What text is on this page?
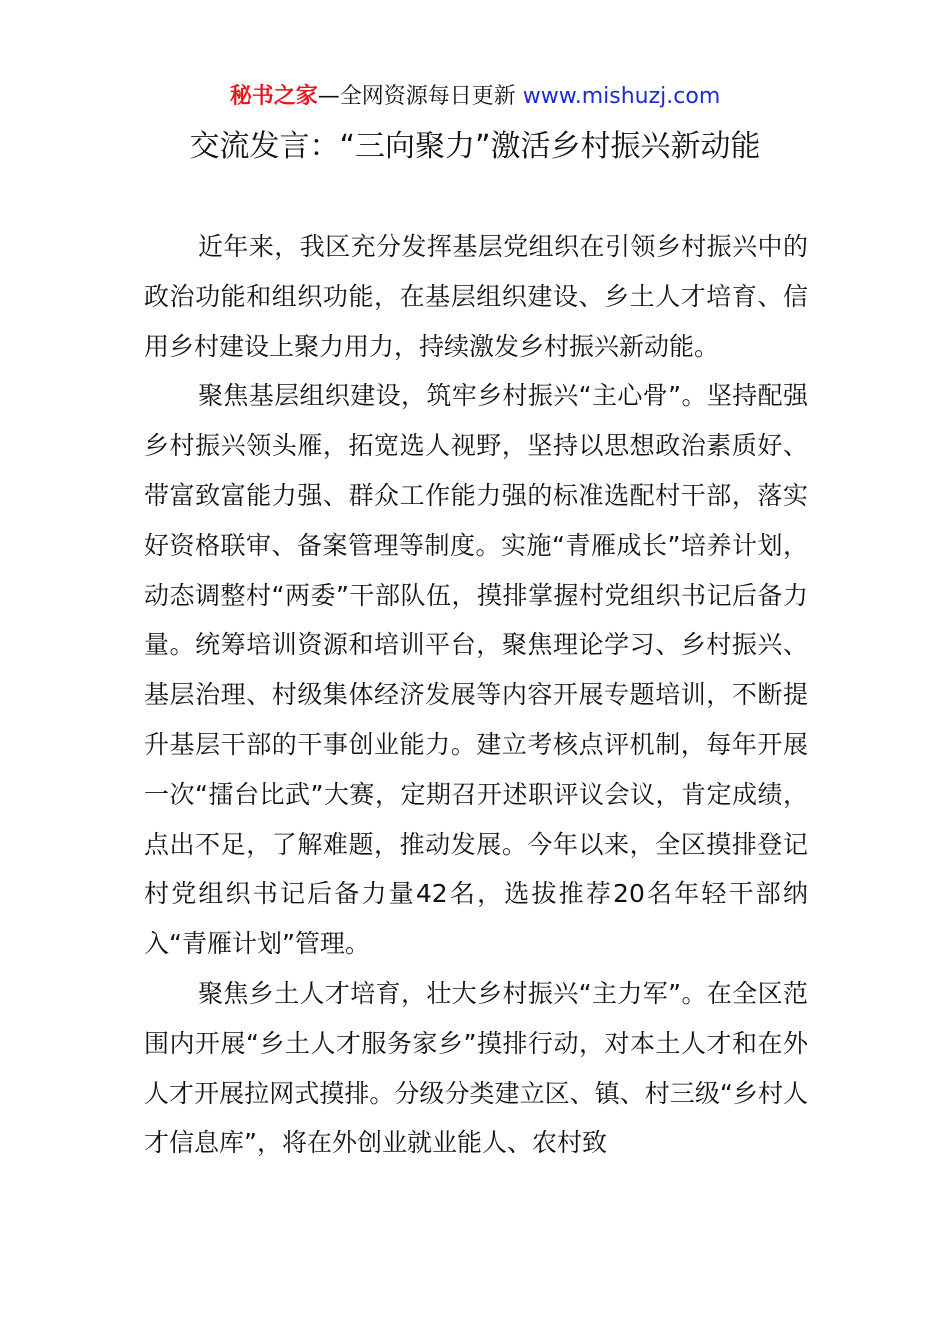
秘书之家—全网资源每日更新 www.mishuzj.com
交流发言：“三向聚力”激活乡村振兴新动能

近年来，我区充分发挥基层党组织在引领乡村振兴中的政治功能和组织功能，在基层组织建设、乡土人才培育、信用乡村建设上聚力用力，持续激发乡村振兴新动能。

聚焦基层组织建设，筑牢乡村振兴“主心骨”。坚持配强乡村振兴领头雁，拓宽选人视野，坚持以思想政治素质好、带富致富能力强、群众工作能力强的标准选配村干部，落实好资格联审、备案管理等制度。实施“青雁成长”培养计划，动态调整村“两委”干部队伍，摸排掌握村党组织书记后备力量。统筹培训资源和培训平台，聚焦理论学习、乡村振兴、基层治理、村级集体经济发展等内容开展专题培训，不断提升基层干部的干事创业能力。建立考核点评机制，每年开展一次“擂台比武”大赛，定期召开述职评议会议，肯定成绩，点出不足，了解难题，推动发展。今年以来，全区摸排登记村党组织书记后备力量42名，选拔推荐20名年轻干部纳入“青雁计划”管理。

聚焦乡土人才培育，壮大乡村振兴“主力军”。在全区范围内开展“乡土人才服务家乡”摸排行动，对本土人才和在外人才开展拉网式摸排。分级分类建立区、镇、村三级“乡村人才信息库”，将在外创业就业能人、农村致
